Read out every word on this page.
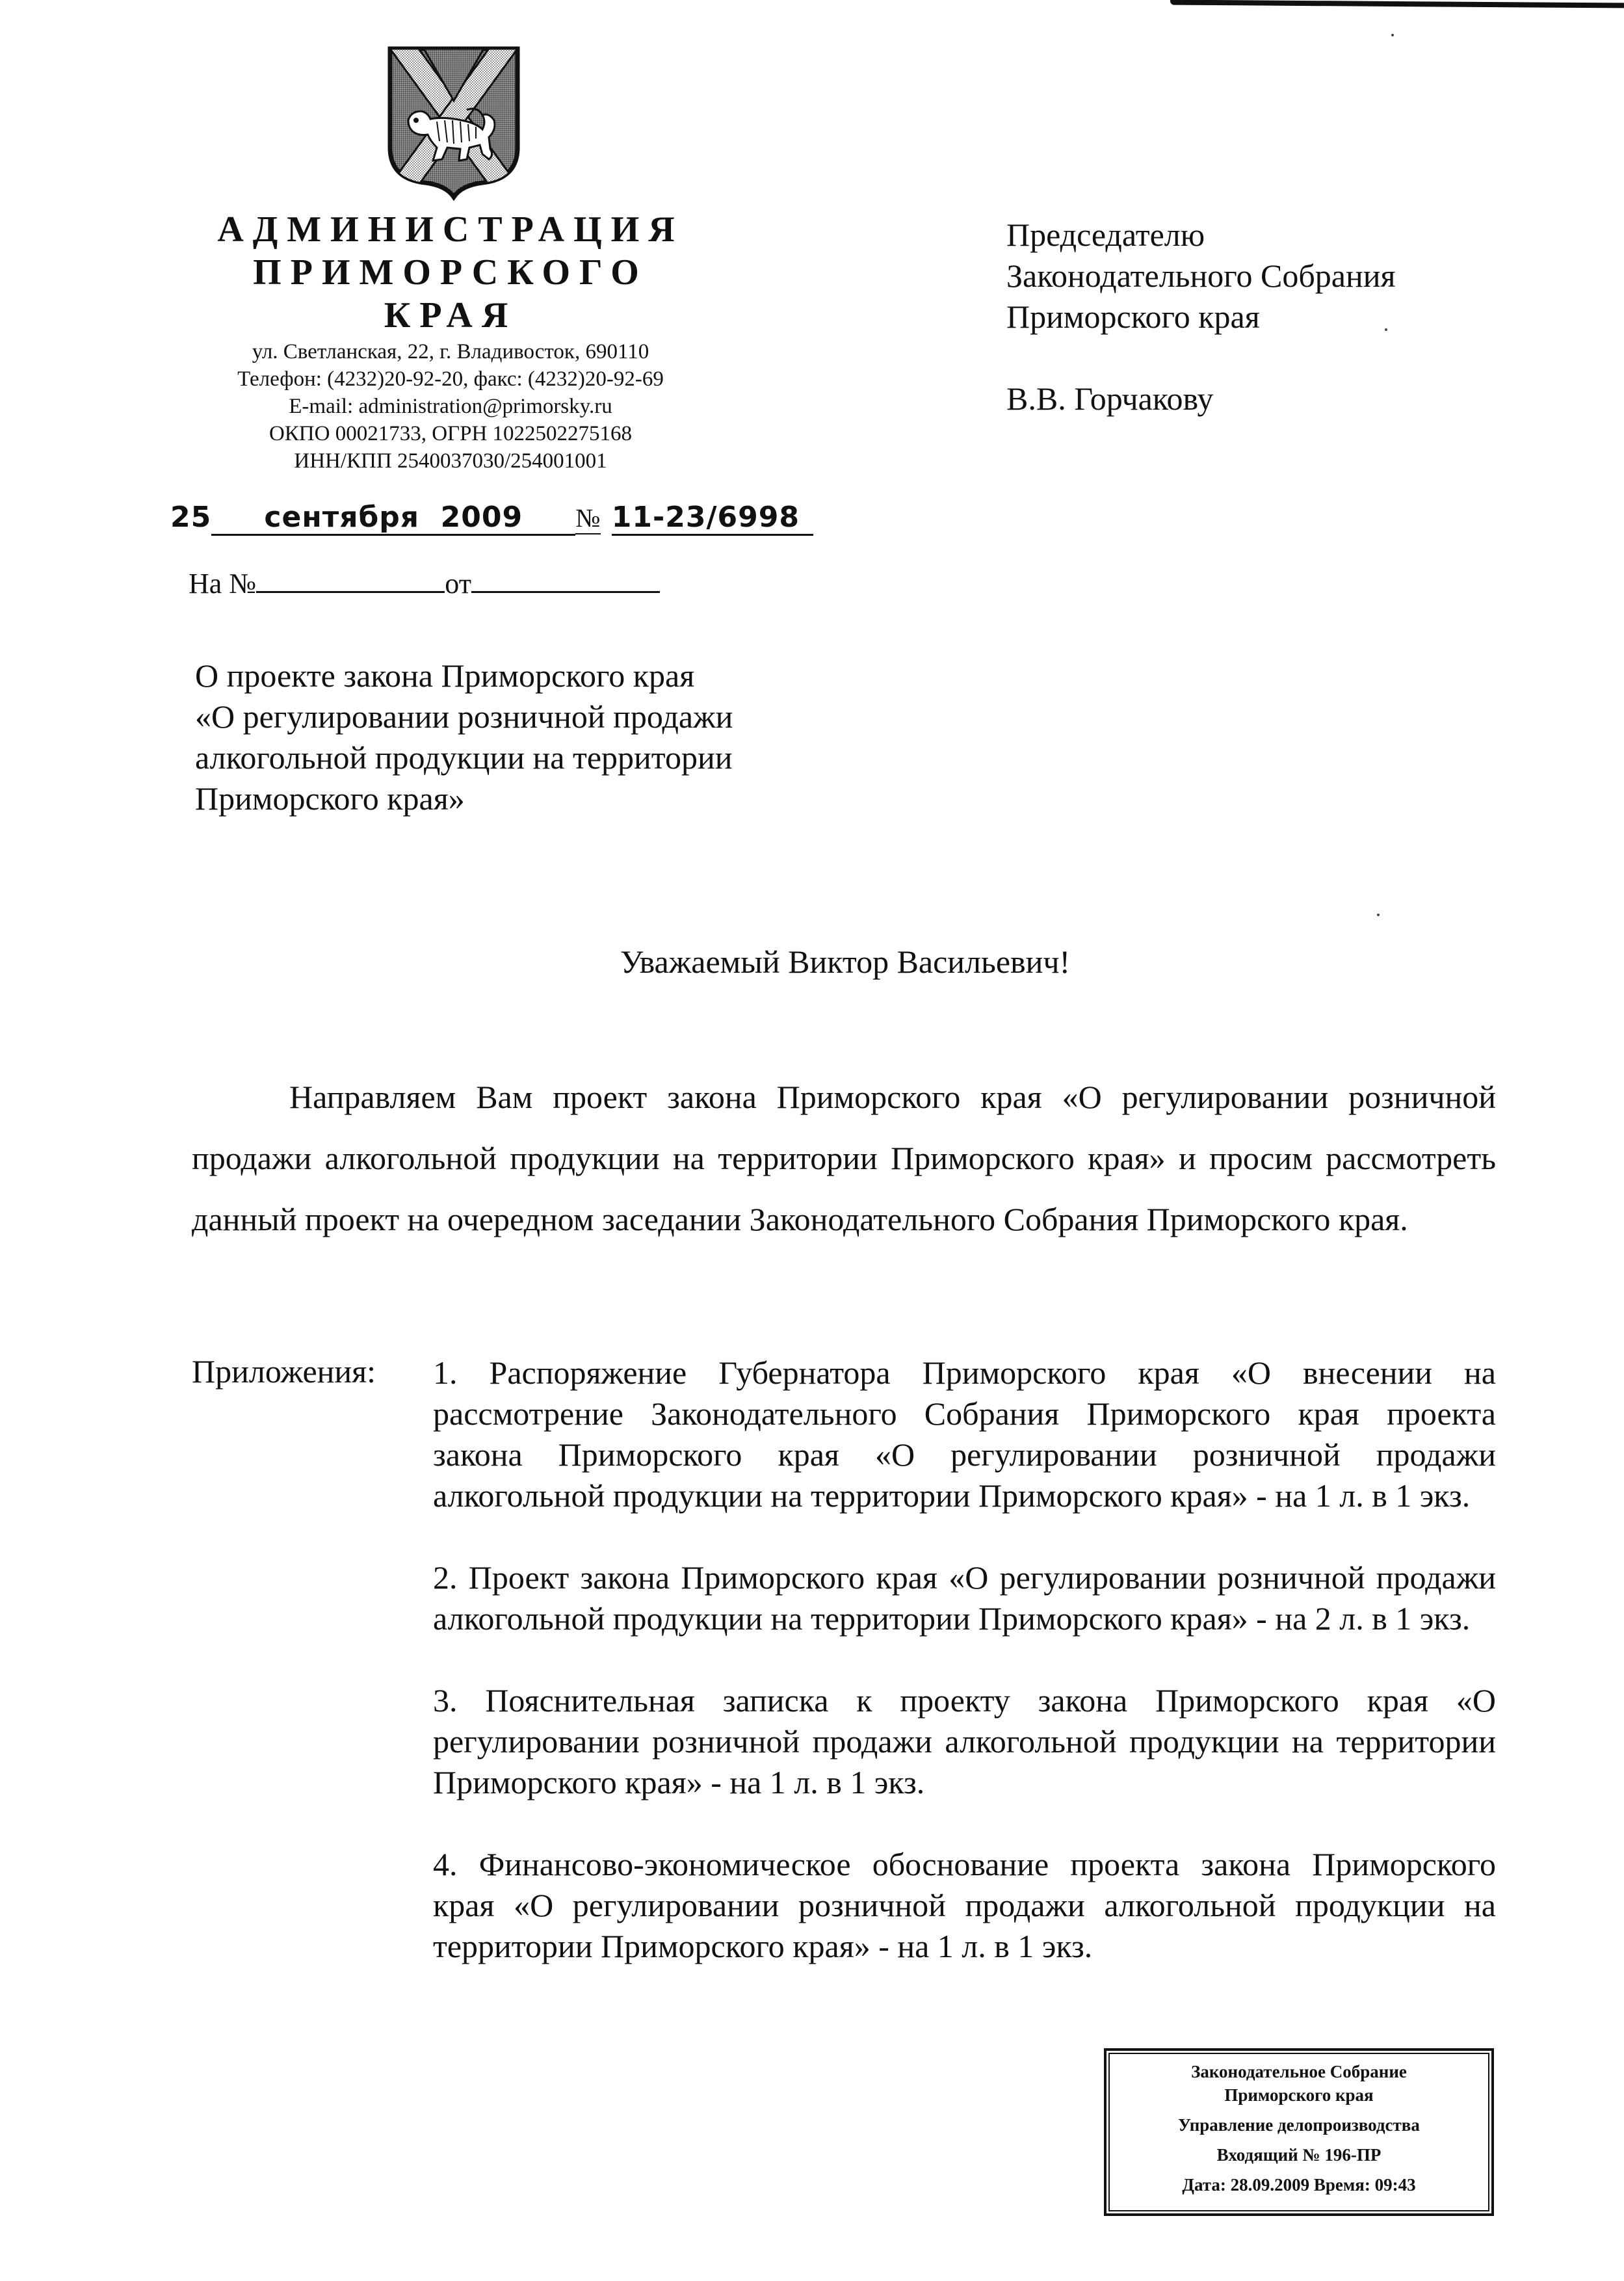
АДМИНИСТРАЦИЯ
ПРИМОРСКОГО КРАЯ
ул. Светланская, 22, г. Владивосток, 690110
Телефон: (4232)20-92-20, факс: (4232)20-92-69
E-mail: administration@primorsky.ru
ОКПО 00021733, ОГРН 1022502275168
ИНН/КПП 2540037030/254001001
25 сентября 2009 № 11-23/6998
На №	от
Председателю
Законодательного Собрания
Приморского края
В.В. Горчакову
О проекте закона Приморского края
«О регулировании розничной продажи
алкогольной продукции на территории
Приморского края»
Уважаемый Виктор Васильевич!
Направляем Вам проект закона Приморского края «О регулировании розничной продажи алкогольной продукции на территории Приморского края» и просим рассмотреть данный проект на очередном заседании Законодательного Собрания Приморского края.
Приложения: 1. Распоряжение Губернатора Приморского края «О внесении на рассмотрение Законодательного Собрания Приморского края проекта закона Приморского края «О регулировании розничной продажи алкогольной продукции на территории Приморского края» - на 1 л. в 1 экз.
2. Проект закона Приморского края «О регулировании розничной продажи алкогольной продукции на территории Приморского края» - на 2 л. в 1 экз.
3. Пояснительная записка к проекту закона Приморского края «О регулировании розничной продажи алкогольной продукции на территории Приморского края» - на 1 л. в 1 экз.
4. Финансово-экономическое обоснование проекта закона Приморского края «О регулировании розничной продажи алкогольной продукции на территории Приморского края» - на 1 л. в 1 экз.
Законодательное Собрание
Приморского края
Управление делопроизводства
Входящий № 196-ПР
Дата: 28.09.2009 Время: 09:43
